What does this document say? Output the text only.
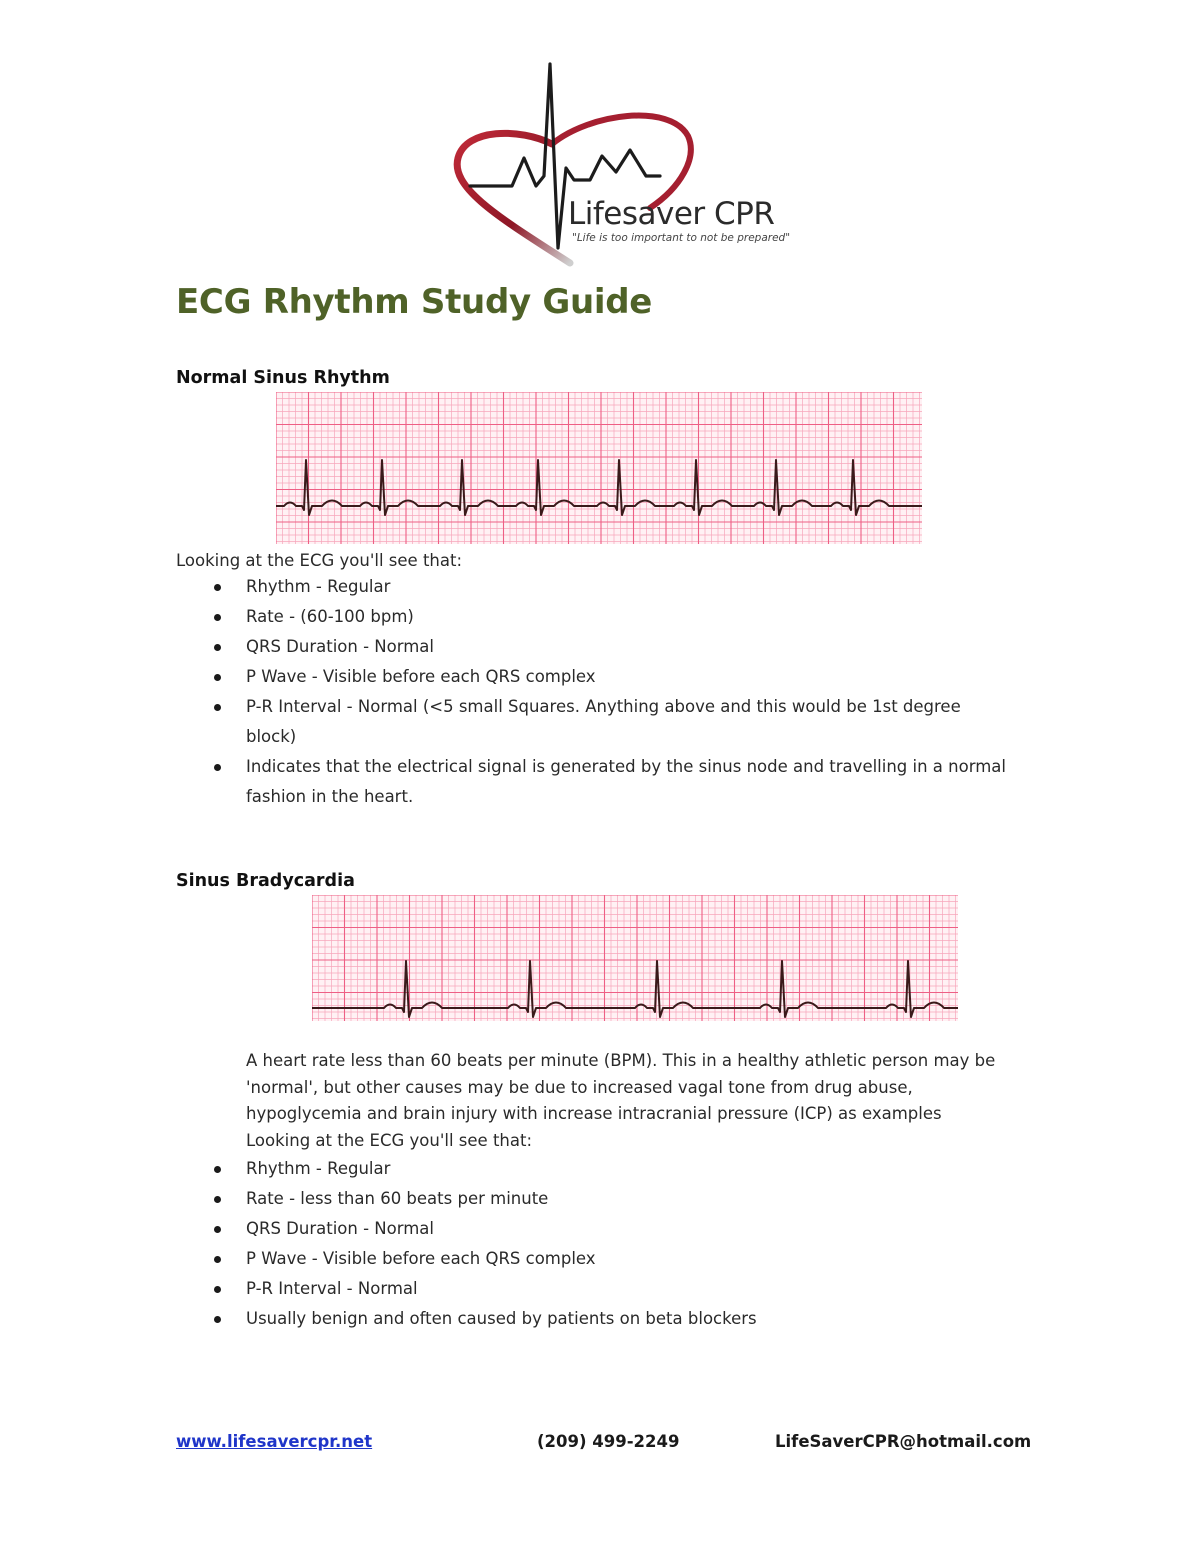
Lifesaver CPR
"Life is too important to not be prepared"
ECG Rhythm Study Guide
Normal Sinus Rhythm
Looking at the ECG you'll see that:
Rhythm - Regular
Rate - (60-100 bpm)
QRS Duration - Normal
P Wave - Visible before each QRS complex
P-R Interval - Normal (<5 small Squares. Anything above and this would be 1st degree block)
Indicates that the electrical signal is generated by the sinus node and travelling in a normal fashion in the heart.
Sinus Bradycardia
A heart rate less than 60 beats per minute (BPM). This in a healthy athletic person may be 'normal', but other causes may be due to increased vagal tone from drug abuse, hypoglycemia and brain injury with increase intracranial pressure (ICP) as examples
Looking at the ECG you'll see that:
Rhythm - Regular
Rate - less than 60 beats per minute
QRS Duration - Normal
P Wave - Visible before each QRS complex
P-R Interval - Normal
Usually benign and often caused by patients on beta blockers
www.lifesavercpr.net	(209) 499-2249	LifeSaverCPR@hotmail.com
